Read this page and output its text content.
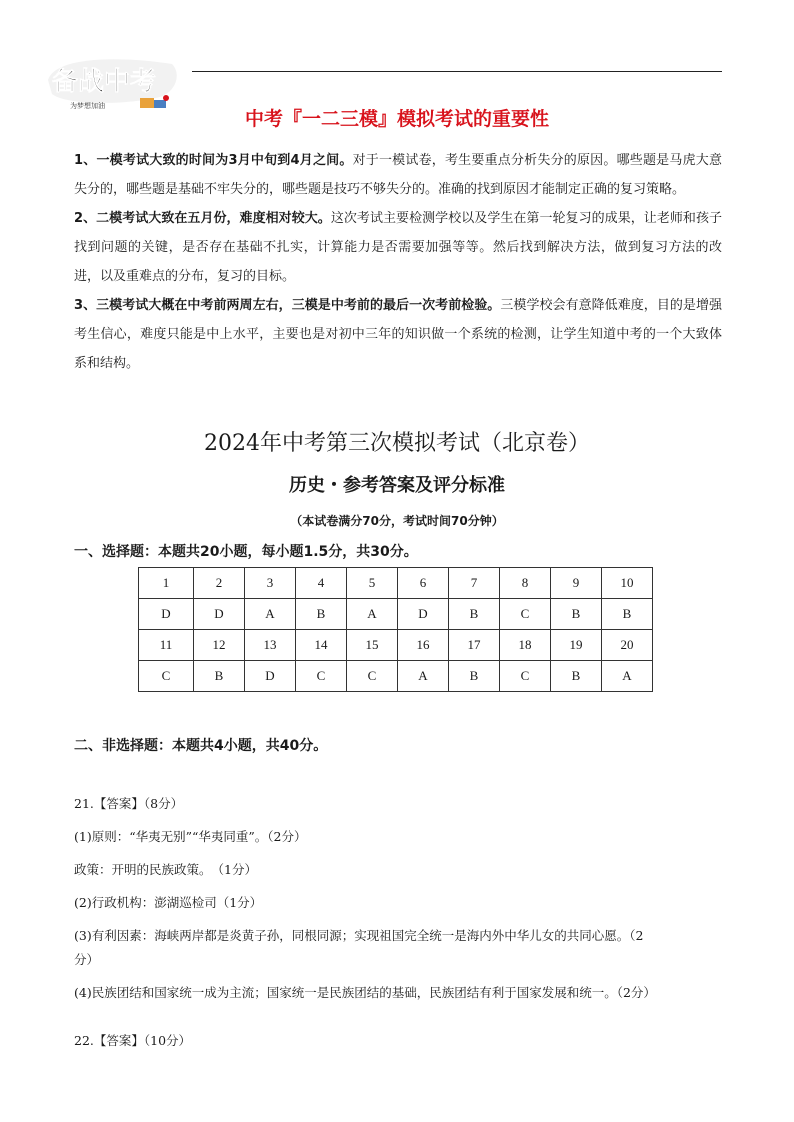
备战中考
为梦想加油
中考『一二三模』模拟考试的重要性

1、一模考试大致的时间为3月中旬到4月之间。对于一模试卷，考生要重点分析失分的原因。哪些题是马虎大意失分的，哪些题是基础不牢失分的，哪些题是技巧不够失分的。准确的找到原因才能制定正确的复习策略。

2、二模考试大致在五月份，难度相对较大。这次考试主要检测学校以及学生在第一轮复习的成果，让老师和孩子找到问题的关键，是否存在基础不扎实，计算能力是否需要加强等等。然后找到解决方法，做到复习方法的改进，以及重难点的分布，复习的目标。

3、三模考试大概在中考前两周左右，三模是中考前的最后一次考前检验。三模学校会有意降低难度，目的是增强考生信心，难度只能是中上水平，主要也是对初中三年的知识做一个系统的检测，让学生知道中考的一个大致体系和结构。

2024年中考第三次模拟考试（北京卷）
历史・参考答案及评分标准
（本试卷满分70分，考试时间70分钟）
一、选择题：本题共20小题，每小题1.5分，共30分。
1	2	3	4	5	6	7	8	9	10
D	D	A	B	A	D	B	C	B	B
11	12	13	14	15	16	17	18	19	20
C	B	D	C	C	A	B	C	B	A
二、非选择题：本题共4小题，共40分。

21.【答案】（8分）

(1)原则：“华夷无别”“华夷同重”。（2分）

政策：开明的民族政策。　（1分）

(2)行政机构：澎湖巡检司（1分）

(3)有利因素：海峡两岸都是炎黄子孙，同根同源；实现祖国完全统一是海内外中华儿女的共同心愿。（2

分）

(4)民族团结和国家统一成为主流；国家统一是民族团结的基础，民族团结有利于国家发展和统一。（2分）

22.【答案】（10分）
